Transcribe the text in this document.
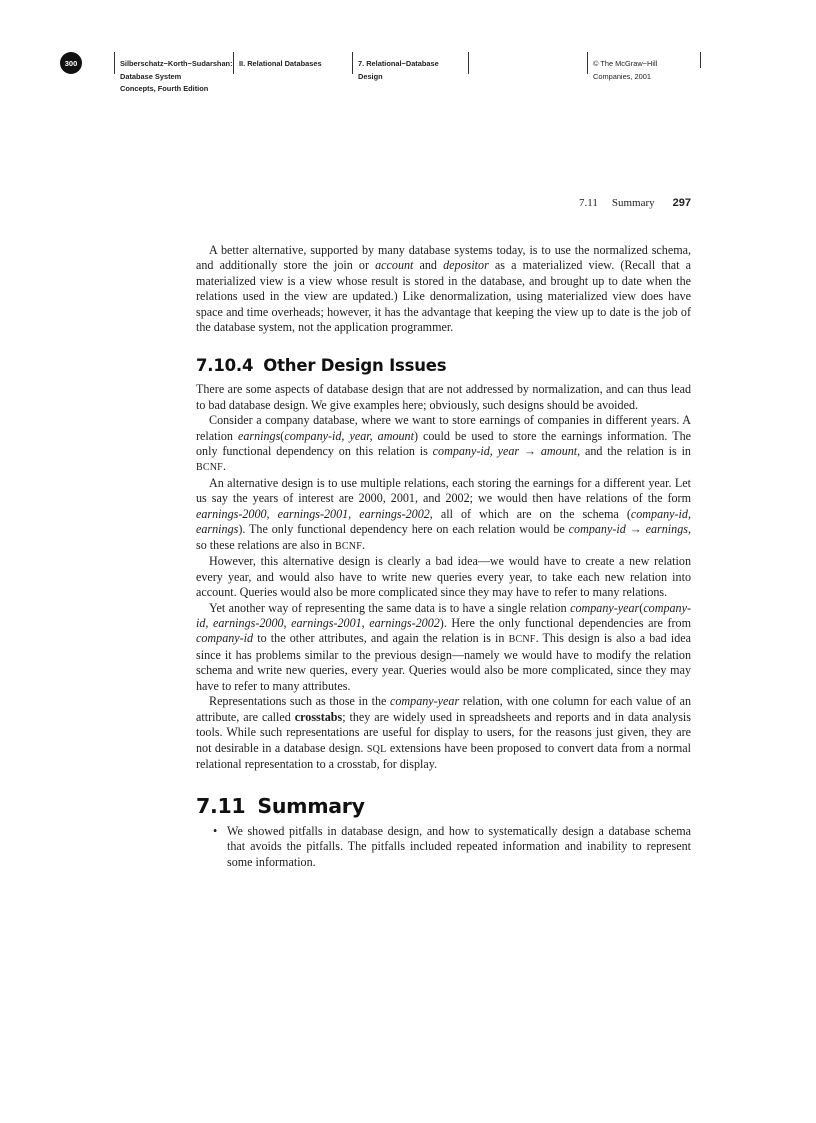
300	Silberschatz−Korth−Sudarshan:
Database System
Concepts, Fourth Edition
II. Relational Databases	7. Relational−Database
Design
© The McGraw−Hill
Companies, 2001
7.11 Summary 297

A better alternative, supported by many database systems today, is to use the normalized schema, and additionally store the join or account and depositor as a materialized view. (Recall that a materialized view is a view whose result is stored in the database, and brought up to date when the relations used in the view are updated.) Like denormalization, using materialized view does have space and time overheads; however, it has the advantage that keeping the view up to date is the job of the database system, not the application programmer.

7.10.4 Other Design Issues

There are some aspects of database design that are not addressed by normalization, and can thus lead to bad database design. We give examples here; obviously, such designs should be avoided.

Consider a company database, where we want to store earnings of companies in different years. A relation earnings(company-id, year, amount) could be used to store the earnings information. The only functional dependency on this relation is company-id, year → amount, and the relation is in BCNF.

An alternative design is to use multiple relations, each storing the earnings for a different year. Let us say the years of interest are 2000, 2001, and 2002; we would then have relations of the form earnings-2000, earnings-2001, earnings-2002, all of which are on the schema (company-id, earnings). The only functional dependency here on each relation would be company-id → earnings, so these relations are also in BCNF.

However, this alternative design is clearly a bad idea—we would have to create a new relation every year, and would also have to write new queries every year, to take each new relation into account. Queries would also be more complicated since they may have to refer to many relations.

Yet another way of representing the same data is to have a single relation company-year(company-id, earnings-2000, earnings-2001, earnings-2002). Here the only functional dependencies are from company-id to the other attributes, and again the relation is in BCNF. This design is also a bad idea since it has problems similar to the previous design—namely we would have to modify the relation schema and write new queries, every year. Queries would also be more complicated, since they may have to refer to many attributes.

Representations such as those in the company-year relation, with one column for each value of an attribute, are called crosstabs; they are widely used in spreadsheets and reports and in data analysis tools. While such representations are useful for display to users, for the reasons just given, they are not desirable in a database design. SQL extensions have been proposed to convert data from a normal relational representation to a crosstab, for display.

7.11 Summary
• We showed pitfalls in database design, and how to systematically design a database schema that avoids the pitfalls. The pitfalls included repeated information and inability to represent some information.
